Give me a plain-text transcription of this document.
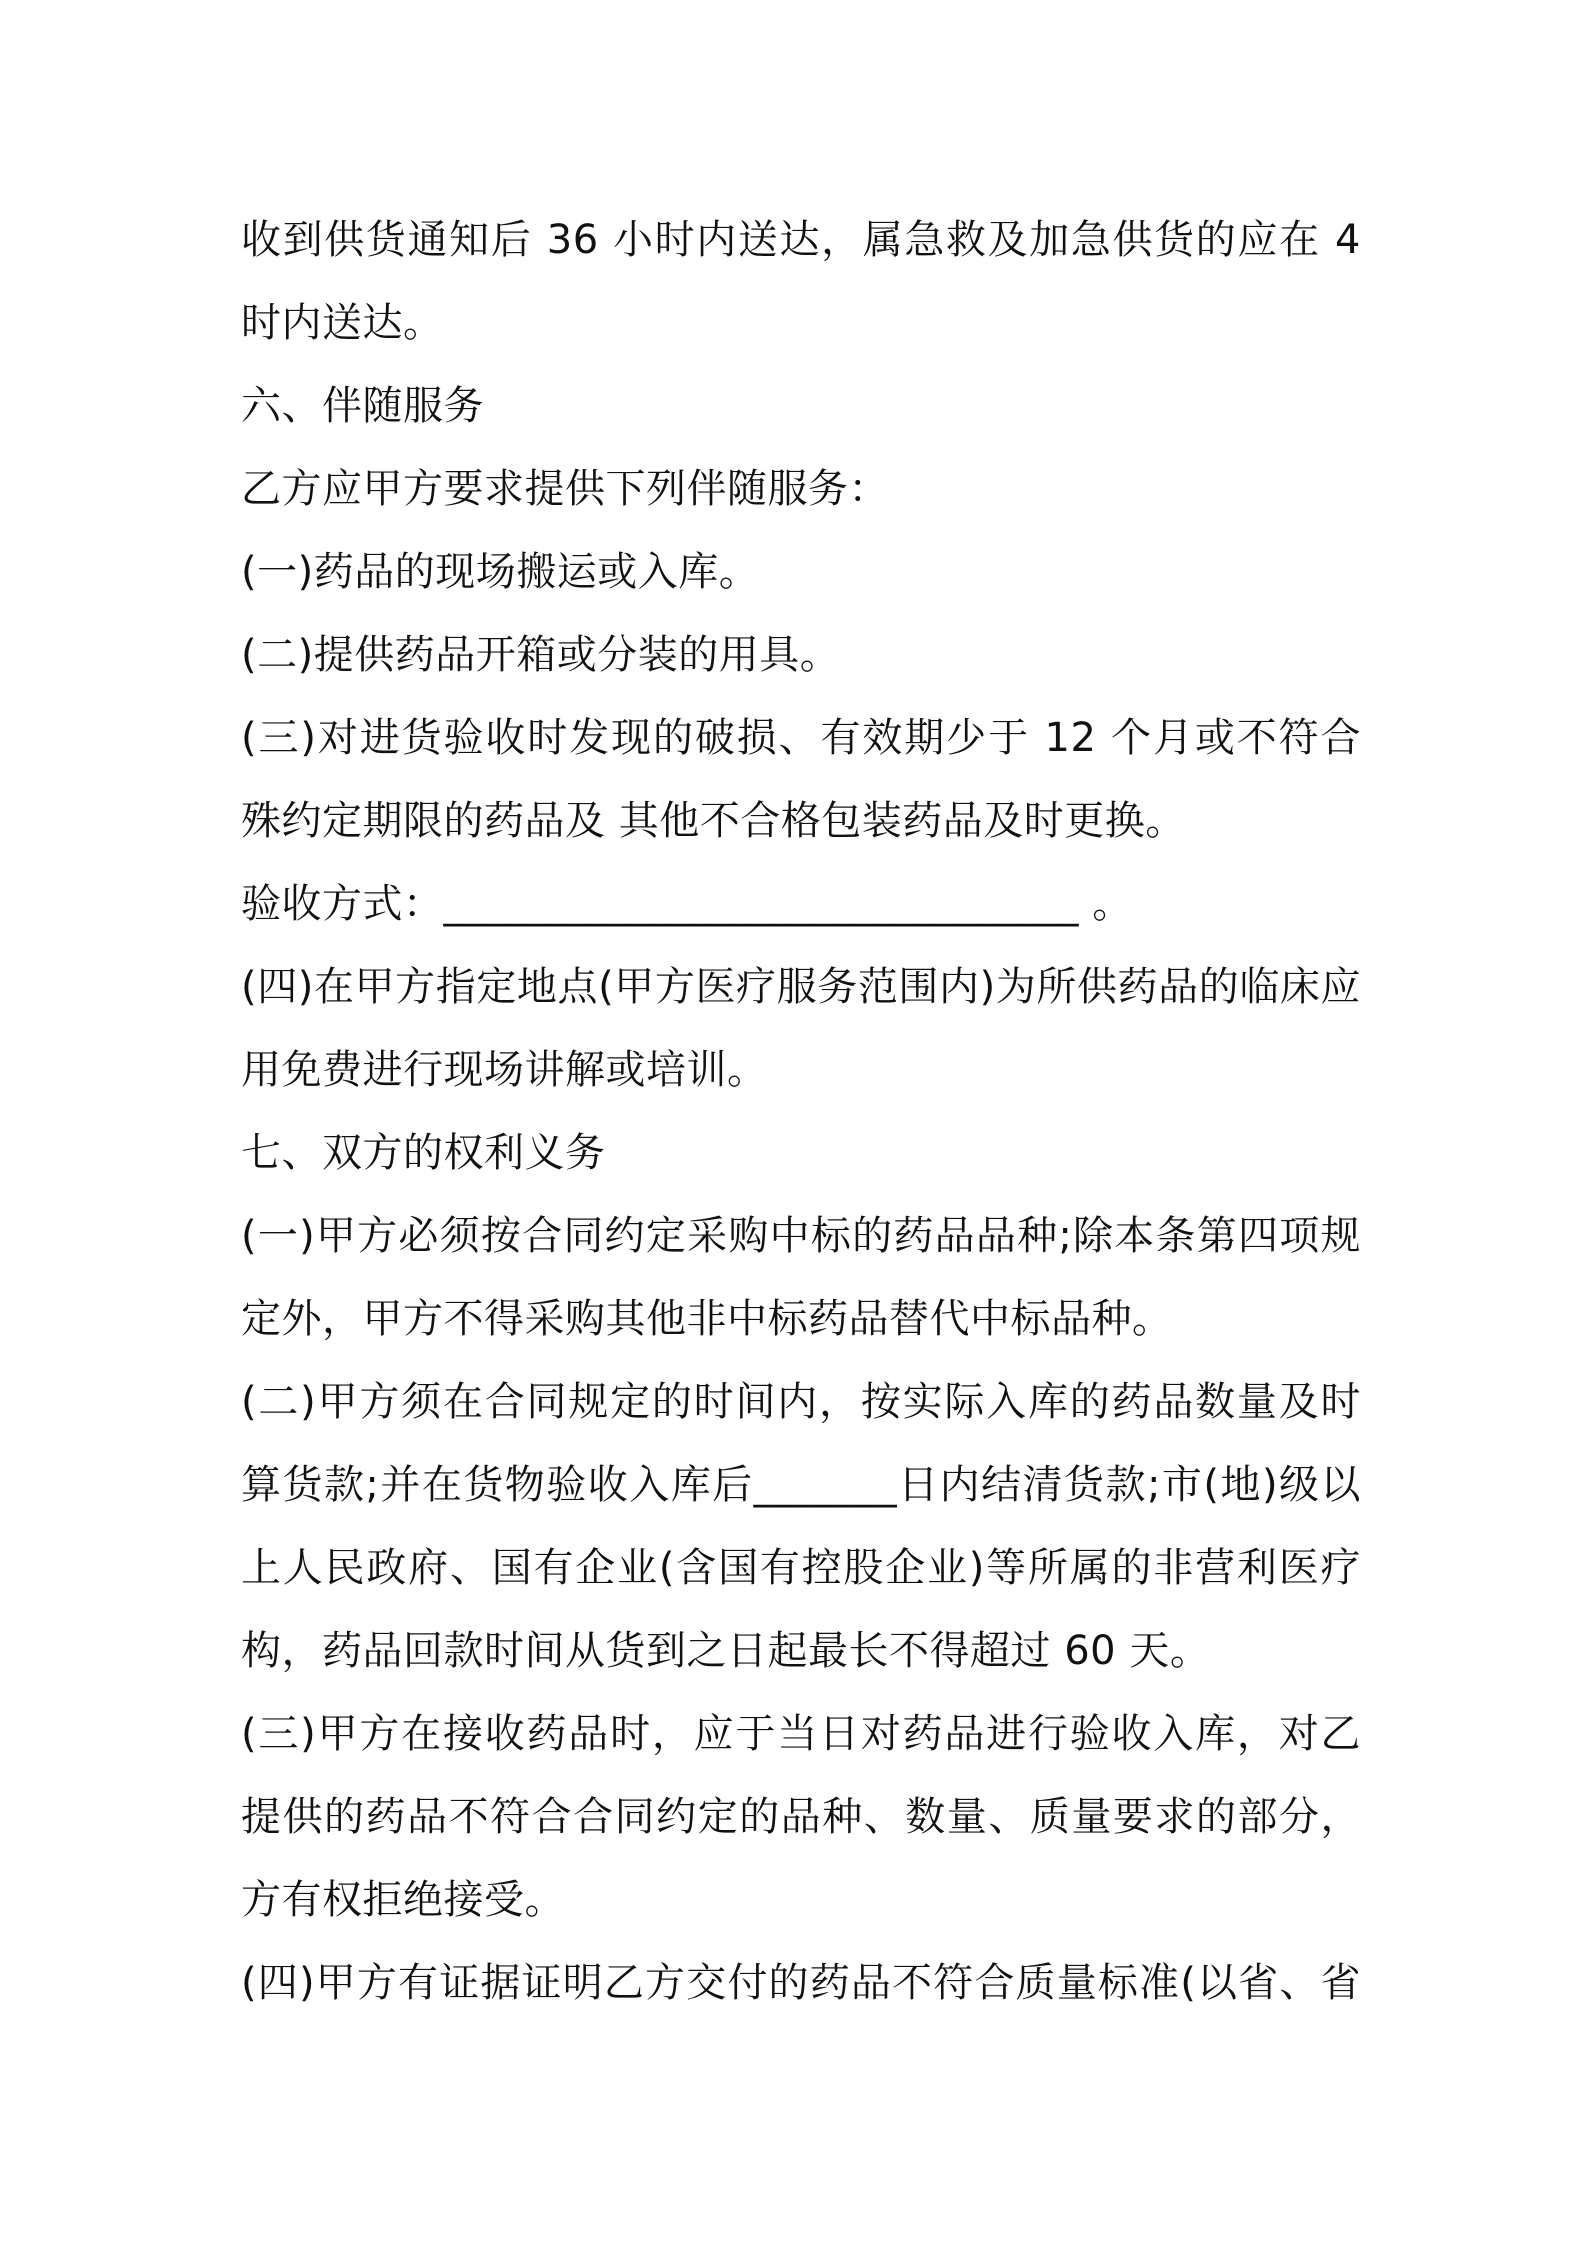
收到供货通知后 36 小时内送达，属急救及加急供货的应在 4
时内送达。
六、伴随服务
乙方应甲方要求提供下列伴随服务：
(一)药品的现场搬运或入库。
(二)提供药品开箱或分装的用具。
(三)对进货验收时发现的破损、有效期少于 12 个月或不符合
殊约定期限的药品及 其他不合格包装药品及时更换。
验收方式：_______________________________ 。
(四)在甲方指定地点(甲方医疗服务范围内)为所供药品的临床应
用免费进行现场讲解或培训。
七、双方的权利义务
(一)甲方必须按合同约定采购中标的药品品种;除本条第四项规
定外，甲方不得采购其他非中标药品替代中标品种。
(二)甲方须在合同规定的时间内，按实际入库的药品数量及时
算货款;并在货物验收入库后_______日内结清货款;市(地)级以
上人民政府、国有企业(含国有控股企业)等所属的非营利医疗
构，药品回款时间从货到之日起最长不得超过 60 天。
(三)甲方在接收药品时，应于当日对药品进行验收入库，对乙
提供的药品不符合合同约定的品种、数量、质量要求的部分，
方有权拒绝接受。
(四)甲方有证据证明乙方交付的药品不符合质量标准(以省、省
